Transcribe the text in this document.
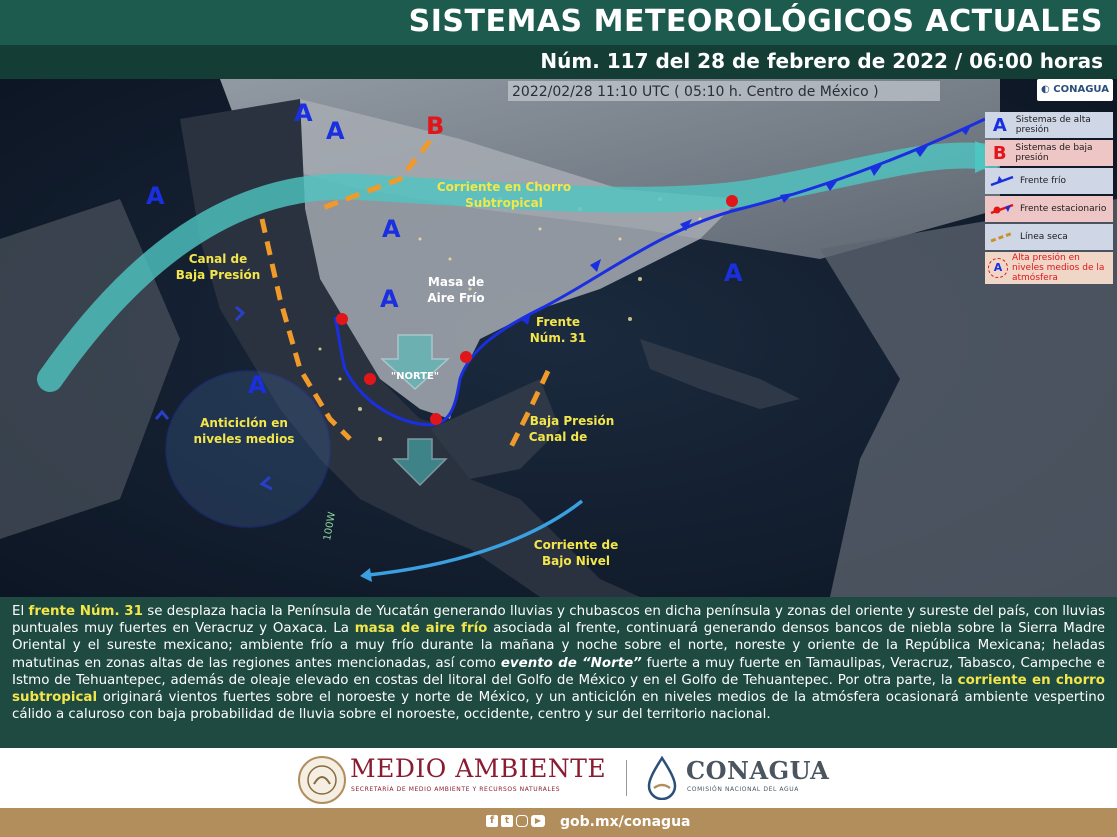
SISTEMAS METEOROLÓGICOS ACTUALES
Núm. 117 del 28 de febrero de 2022 / 06:00 horas
A
A
A
A
A
A
A
B
2022/02/28 11:10 UTC ( 05:10 h. Centro de México )
Corriente en Chorro
Subtropical
Canal de
Baja Presión
Canal de
Baja Presión
Frente
Núm. 31
Anticiclón en
niveles medios
Corriente de
Bajo Nivel
Masa de
Aire Frío
"NORTE"
100W
◐ CONAGUA
A Sistemas de alta presión
B Sistemas de baja presión
Frente frío
Frente estacionario
Línea seca
A
Alta presión en niveles medios de la atmósfera

El frente Núm. 31 se desplaza hacia la Península de Yucatán generando lluvias y chubascos en dicha península y zonas del oriente y sureste del país, con lluvias puntuales muy fuertes en Veracruz y Oaxaca. La masa de aire frío asociada al frente, continuará generando densos bancos de niebla sobre la Sierra Madre Oriental y el sureste mexicano; ambiente frío a muy frío durante la mañana y noche sobre el norte, noreste y oriente de la República Mexicana; heladas matutinas en zonas altas de las regiones antes mencionadas, así como evento de “Norte” fuerte a muy fuerte en Tamaulipas, Veracruz, Tabasco, Campeche e Istmo de Tehuantepec, además de oleaje elevado en costas del litoral del Golfo de México y en el Golfo de Tehuantepec. Por otra parte, la corriente en chorro subtropical originará vientos fuertes sobre el noroeste y norte de México, y un anticiclón en niveles medios de la atmósfera ocasionará ambiente vespertino cálido a caluroso con baja probabilidad de lluvia sobre el noroeste, occidente, centro y sur del territorio nacional.

MEDIO AMBIENTE
SECRETARÍA DE MEDIO AMBIENTE Y RECURSOS NATURALES
CONAGUA
COMISIÓN NACIONAL DEL AGUA
f	t	▶ gob.mx/conagua
